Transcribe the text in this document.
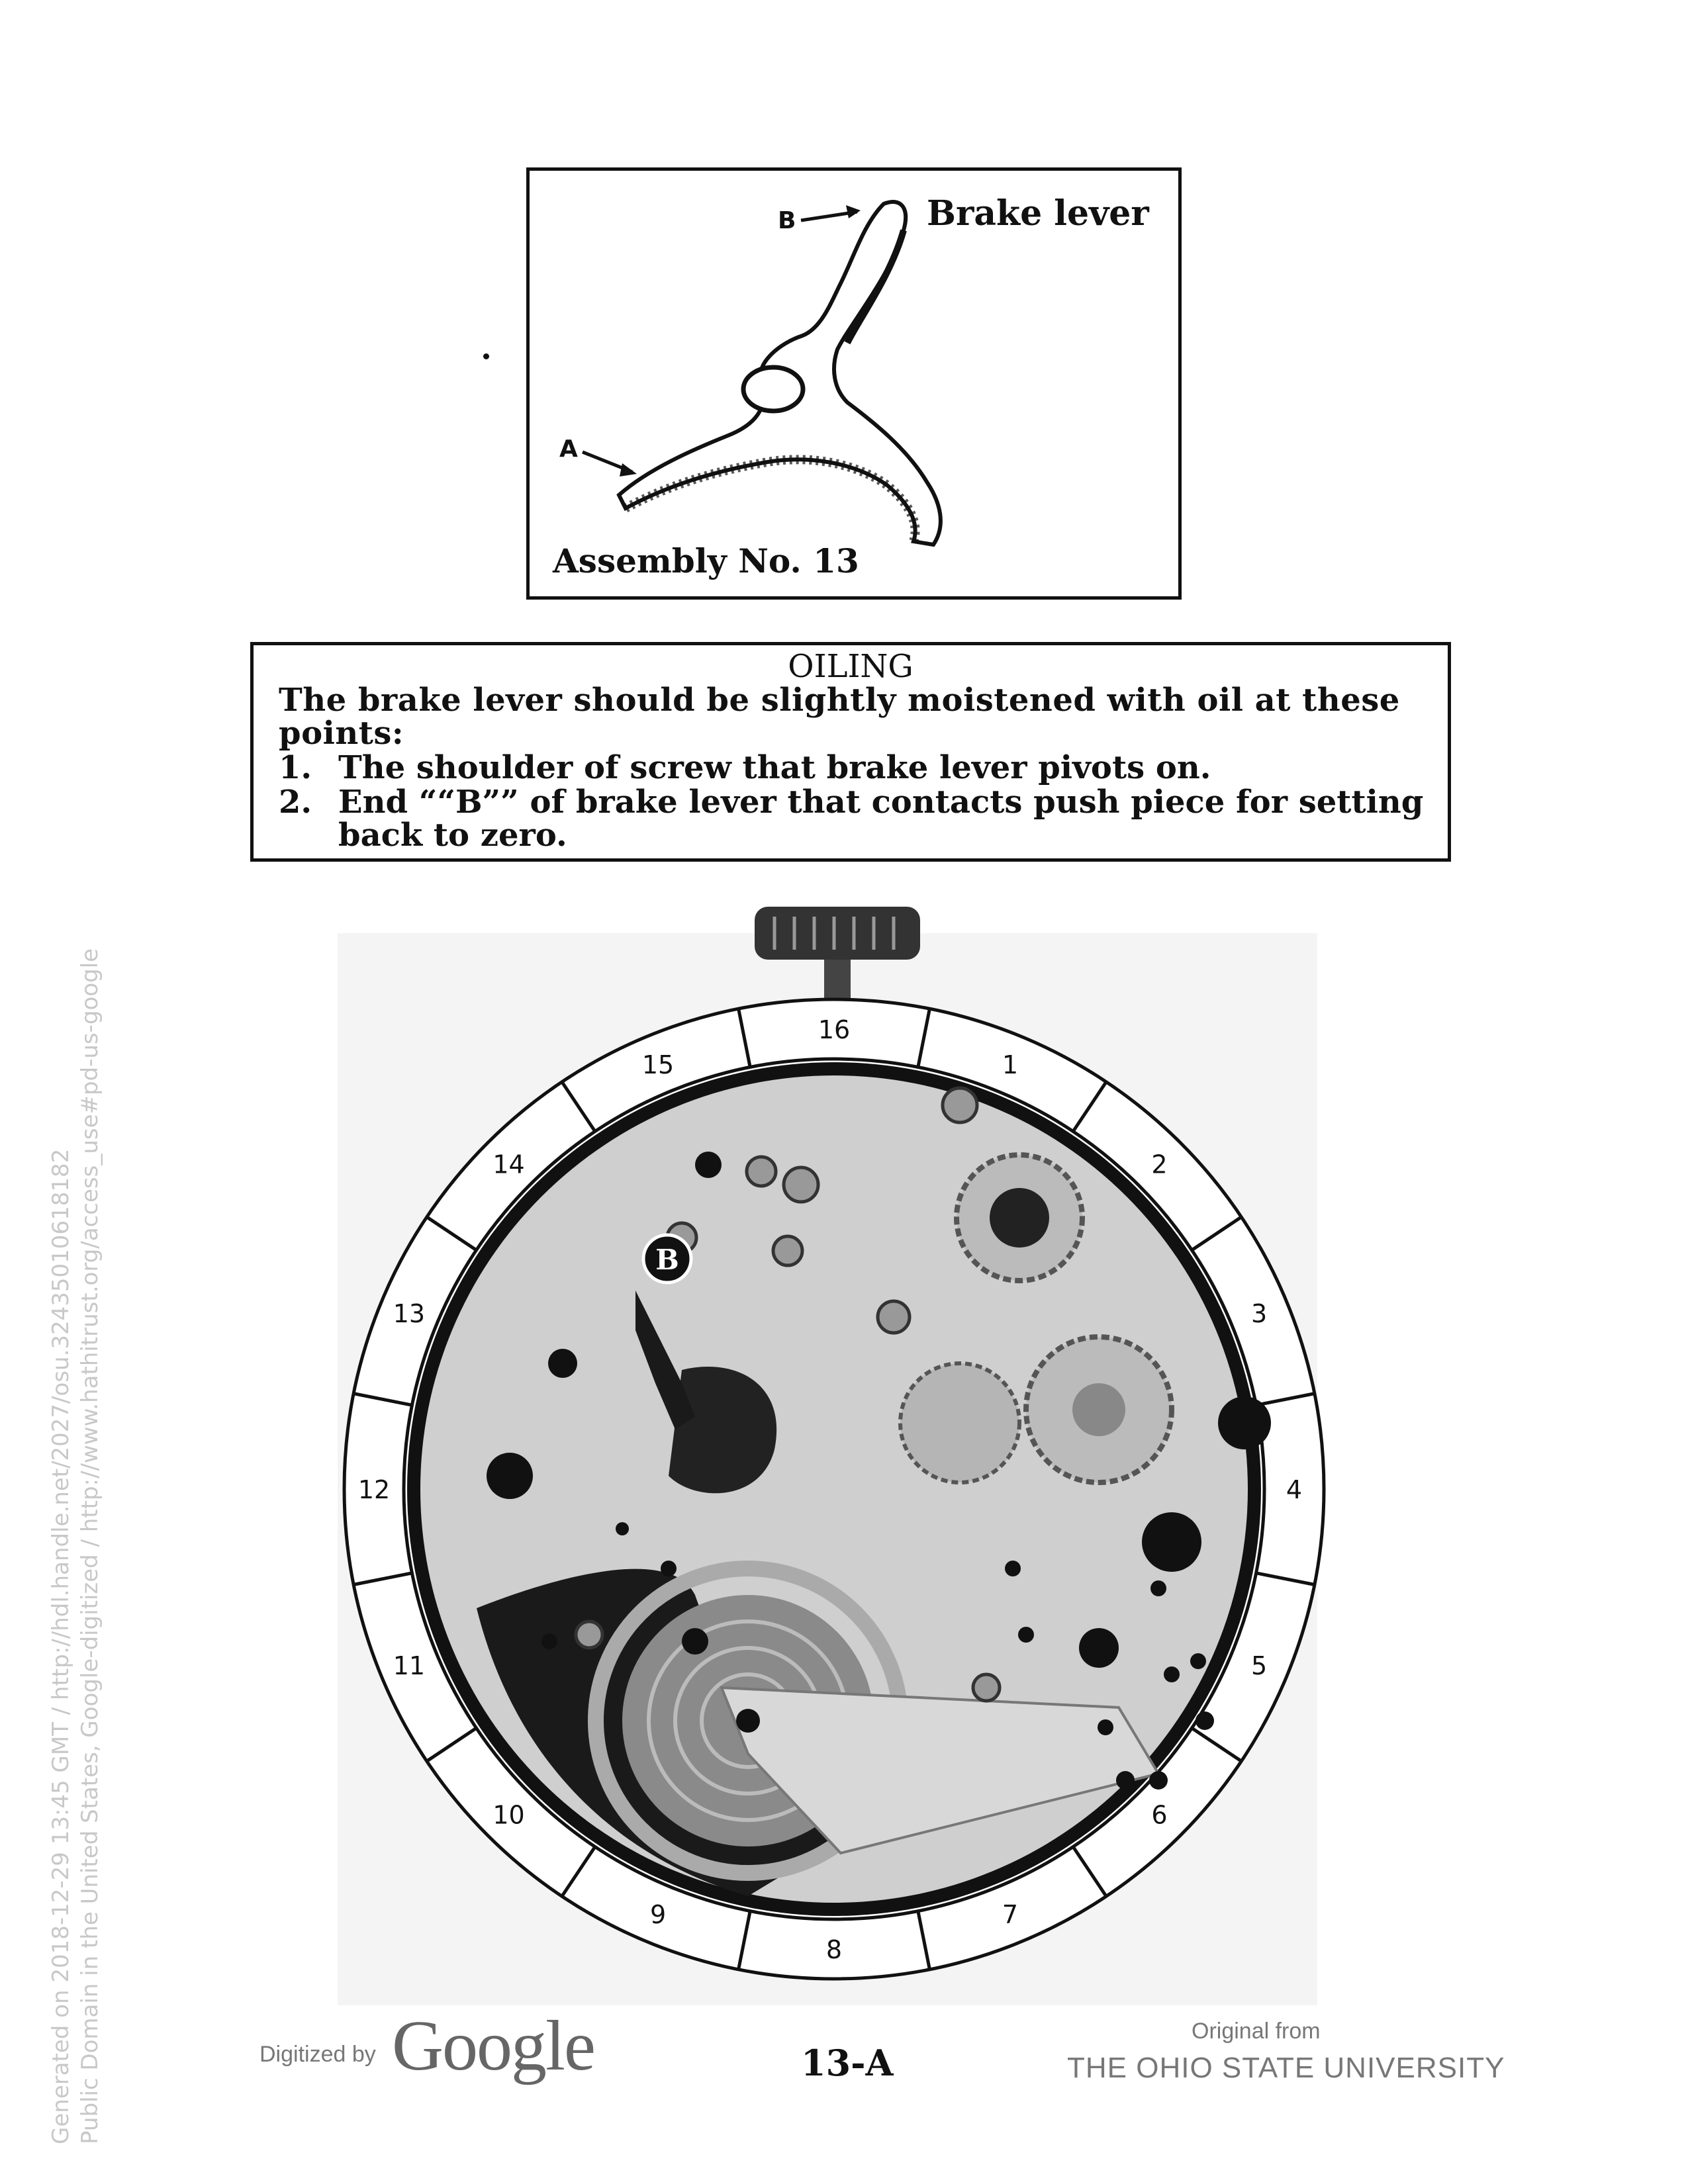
Brake lever
B
A
Assembly No. 13
OILING
The brake lever should be slightly moistened with oil at these points:
1. The shoulder of screw that brake lever pivots on.
2. End ““B”” of brake lever that contacts push piece for setting back to zero.
1
2
3
4
5
6
7
8
9
10
11
12
13
14
15
16
B
Digitized by Google	13-A
Original from
THE OHIO STATE UNIVERSITY
Generated on 2018-12-29 13:45 GMT / http://hdl.handle.net/2027/osu.32435010618182 Public Domain in the United States, Google-digitized / http://www.hathitrust.org/access_use#pd-us-google
